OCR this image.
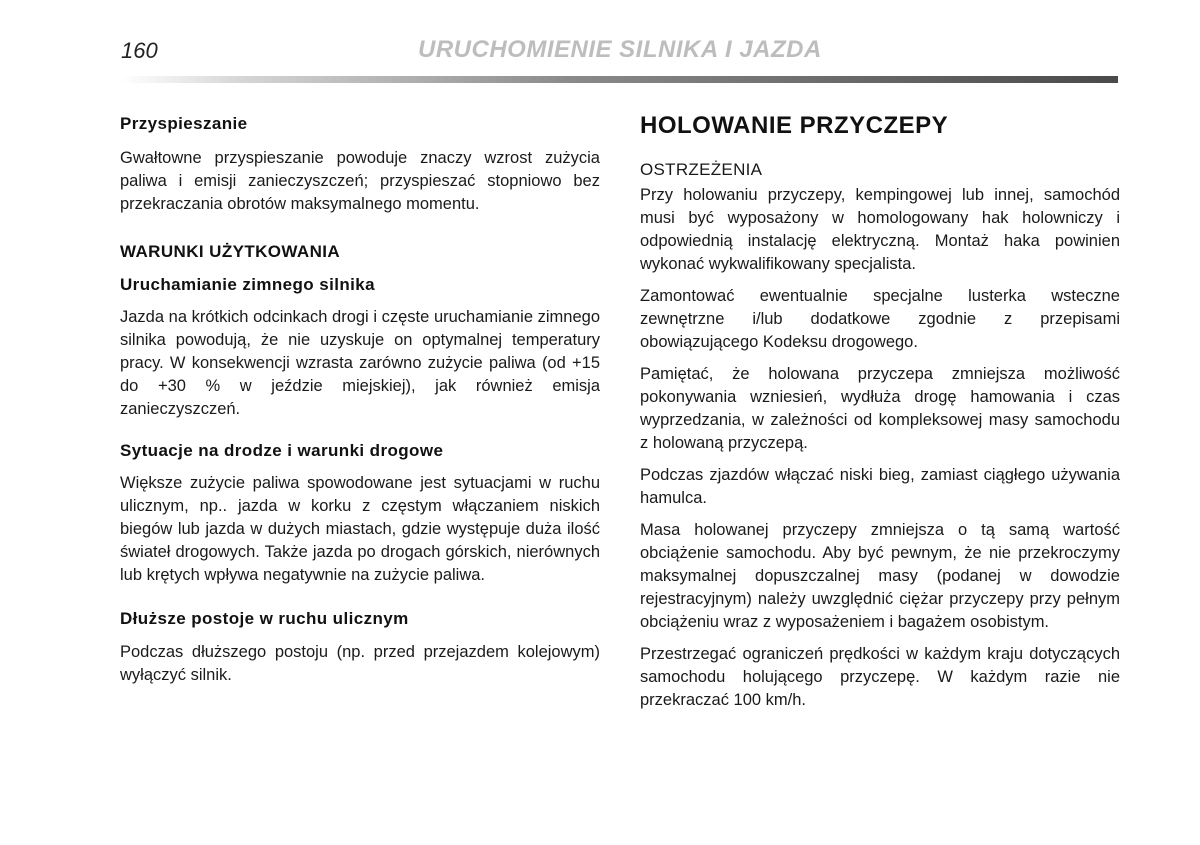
160	URUCHOMIENIE SILNIKA I JAZDA
Przyspieszanie

Gwałtowne przyspieszanie powoduje znaczy wzrost zużycia paliwa i emisji zanieczyszczeń; przyspieszać stopniowo bez przekraczania obrotów maksymalnego momentu.

WARUNKI UŻYTKOWANIA
Uruchamianie zimnego silnika

Jazda na krótkich odcinkach drogi i częste uruchamianie zimnego silnika powodują, że nie uzyskuje on optymalnej temperatury pracy. W konsekwencji wzrasta zarówno zużycie paliwa (od +15 do +30 % w jeździe miejskiej), jak również emisja zanieczyszczeń.

Sytuacje na drodze i warunki drogowe

Większe zużycie paliwa spowodowane jest sytuacjami w ruchu ulicznym, np.. jazda w korku z częstym włączaniem niskich biegów lub jazda w dużych miastach, gdzie występuje duża ilość świateł drogowych. Także jazda po drogach górskich, nierównych lub krętych wpływa negatywnie na zużycie paliwa.

Dłuższe postoje w ruchu ulicznym

Podczas dłuższego postoju (np. przed przejazdem kolejowym) wyłączyć silnik.

HOLOWANIE PRZYCZEPY
OSTRZEŻENIA

Przy holowaniu przyczepy, kempingowej lub innej, samochód musi być wyposażony w homologowany hak holowniczy i odpowiednią instalację elektryczną. Montaż haka powinien wykonać wykwalifikowany specjalista.

Zamontować ewentualnie specjalne lusterka wsteczne zewnętrzne i/lub dodatkowe zgodnie z przepisami obowiązującego Kodeksu drogowego.

Pamiętać, że holowana przyczepa zmniejsza możliwość pokonywania wzniesień, wydłuża drogę hamowania i czas wyprzedzania, w zależności od kompleksowej masy samochodu z holowaną przyczepą.

Podczas zjazdów włączać niski bieg, zamiast ciągłego używania hamulca.

Masa holowanej przyczepy zmniejsza o tą samą wartość obciążenie samochodu. Aby być pewnym, że nie przekroczymy maksymalnej dopuszczalnej masy (podanej w dowodzie rejestracyjnym) należy uwzględnić ciężar przyczepy przy pełnym obciążeniu wraz z wyposażeniem i bagażem osobistym.

Przestrzegać ograniczeń prędkości w każdym kraju dotyczących samochodu holującego przyczepę. W każdym razie nie przekraczać 100 km/h.
